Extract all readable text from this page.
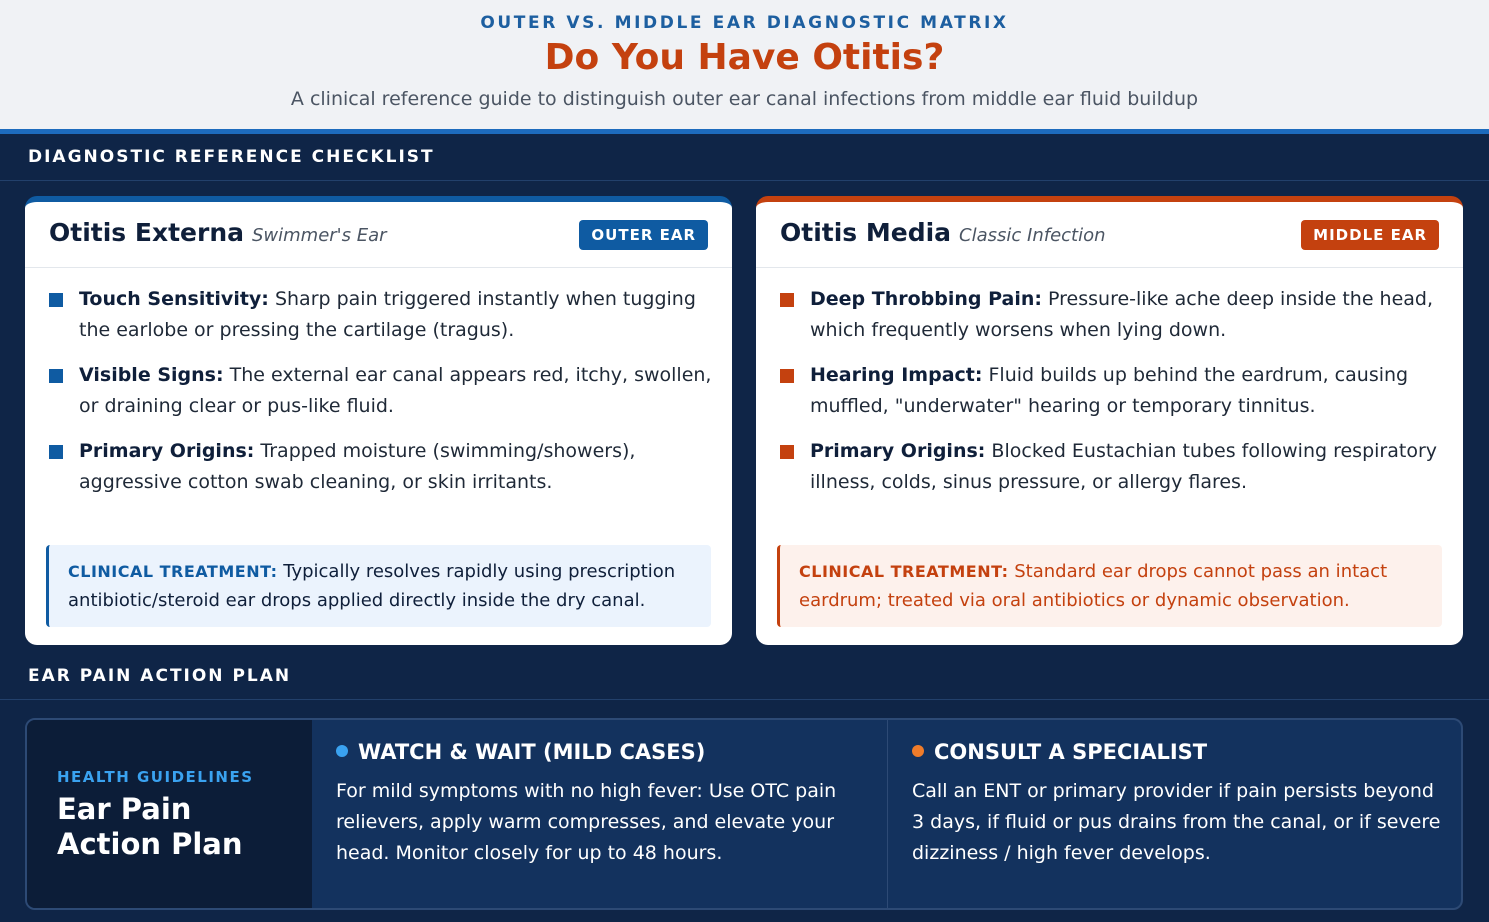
OUTER VS. MIDDLE EAR DIAGNOSTIC MATRIX
Do You Have Otitis?
A clinical reference guide to distinguish outer ear canal infections from middle ear fluid buildup
DIAGNOSTIC REFERENCE CHECKLIST
Otitis Externa Swimmer's Ear	OUTER EAR
Touch Sensitivity: Sharp pain triggered instantly when tugging the earlobe or pressing the cartilage (tragus).
Visible Signs: The external ear canal appears red, itchy, swollen, or draining clear or pus-like fluid.
Primary Origins: Trapped moisture (swimming/showers), aggressive cotton swab cleaning, or skin irritants.
CLINICAL TREATMENT: Typically resolves rapidly using prescription antibiotic/steroid ear drops applied directly inside the dry canal.
Otitis Media Classic Infection	MIDDLE EAR
Deep Throbbing Pain: Pressure-like ache deep inside the head, which frequently worsens when lying down.
Hearing Impact: Fluid builds up behind the eardrum, causing muffled, "underwater" hearing or temporary tinnitus.
Primary Origins: Blocked Eustachian tubes following respiratory illness, colds, sinus pressure, or allergy flares.
CLINICAL TREATMENT: Standard ear drops cannot pass an intact eardrum; treated via oral antibiotics or dynamic observation.
EAR PAIN ACTION PLAN
HEALTH GUIDELINES
Ear Pain Action Plan
WATCH & WAIT (MILD CASES)
For mild symptoms with no high fever: Use OTC pain relievers, apply warm compresses, and elevate your head. Monitor closely for up to 48 hours.
CONSULT A SPECIALIST
Call an ENT or primary provider if pain persists beyond 3 days, if fluid or pus drains from the canal, or if severe dizziness / high fever develops.
